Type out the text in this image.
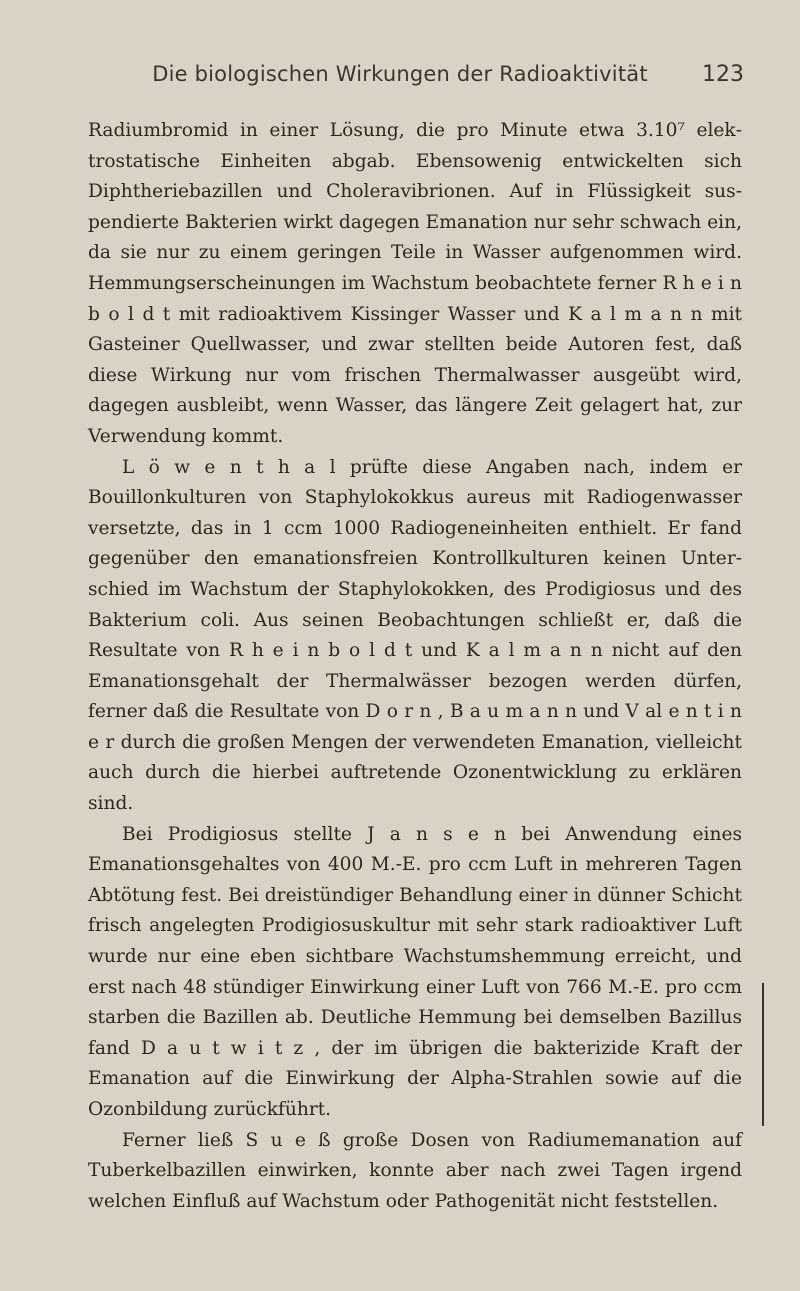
Die biologischen Wirkungen der Radioaktivität	123

Radiumbromid in einer Lösung, die pro Minute etwa 3.10⁷ elektrostatische Einheiten abgab. Ebensowenig entwickelten sich Diphtheriebazillen und Choleravibrionen. Auf in Flüssigkeit suspendierte Bakterien wirkt dagegen Emanation nur sehr schwach ein, da sie nur zu einem geringen Teile in Wasser aufgenommen wird. Hemmungserscheinungen im Wachstum beobachtete ferner R h e i n b o l d t mit radioaktivem Kissinger Wasser und K a l m a n n mit Gasteiner Quellwasser, und zwar stellten beide Autoren fest, daß diese Wirkung nur vom frischen Thermalwasser ausgeübt wird, dagegen ausbleibt, wenn Wasser, das längere Zeit gelagert hat, zur Verwendung kommt.

L ö w e n t h a l prüfte diese Angaben nach, indem er Bouillonkulturen von Staphylokokkus aureus mit Radiogenwasser versetzte, das in 1 ccm 1000 Radiogeneinheiten enthielt. Er fand gegenüber den emanationsfreien Kontrollkulturen keinen Unterschied im Wachstum der Staphylokokken, des Prodigiosus und des Bakterium coli. Aus seinen Beobachtungen schließt er, daß die Resultate von R h e i n b o l d t und K a l m a n n nicht auf den Emanationsgehalt der Thermalwässer bezogen werden dürfen, ferner daß die Resultate von D o r n , B a u m a n n und V al e n t i n e r durch die großen Mengen der verwendeten Emanation, vielleicht auch durch die hierbei auftretende Ozonentwicklung zu erklären sind.

Bei Prodigiosus stellte J a n s e n bei Anwendung eines Emanationsgehaltes von 400 M.-E. pro ccm Luft in mehreren Tagen Abtötung fest. Bei dreistündiger Behandlung einer in dünner Schicht frisch angelegten Prodigiosuskultur mit sehr stark radioaktiver Luft wurde nur eine eben sichtbare Wachstumshemmung erreicht, und erst nach 48 stündiger Einwirkung einer Luft von 766 M.-E. pro ccm starben die Bazillen ab. Deutliche Hemmung bei demselben Bazillus fand D a u t w i t z , der im übrigen die bakterizide Kraft der Emanation auf die Einwirkung der Alpha-Strahlen sowie auf die Ozonbildung zurückführt.

Ferner ließ S u e ß große Dosen von Radiumemanation auf Tuberkelbazillen einwirken, konnte aber nach zwei Tagen irgend welchen Einfluß auf Wachstum oder Pathogenität nicht feststellen.
